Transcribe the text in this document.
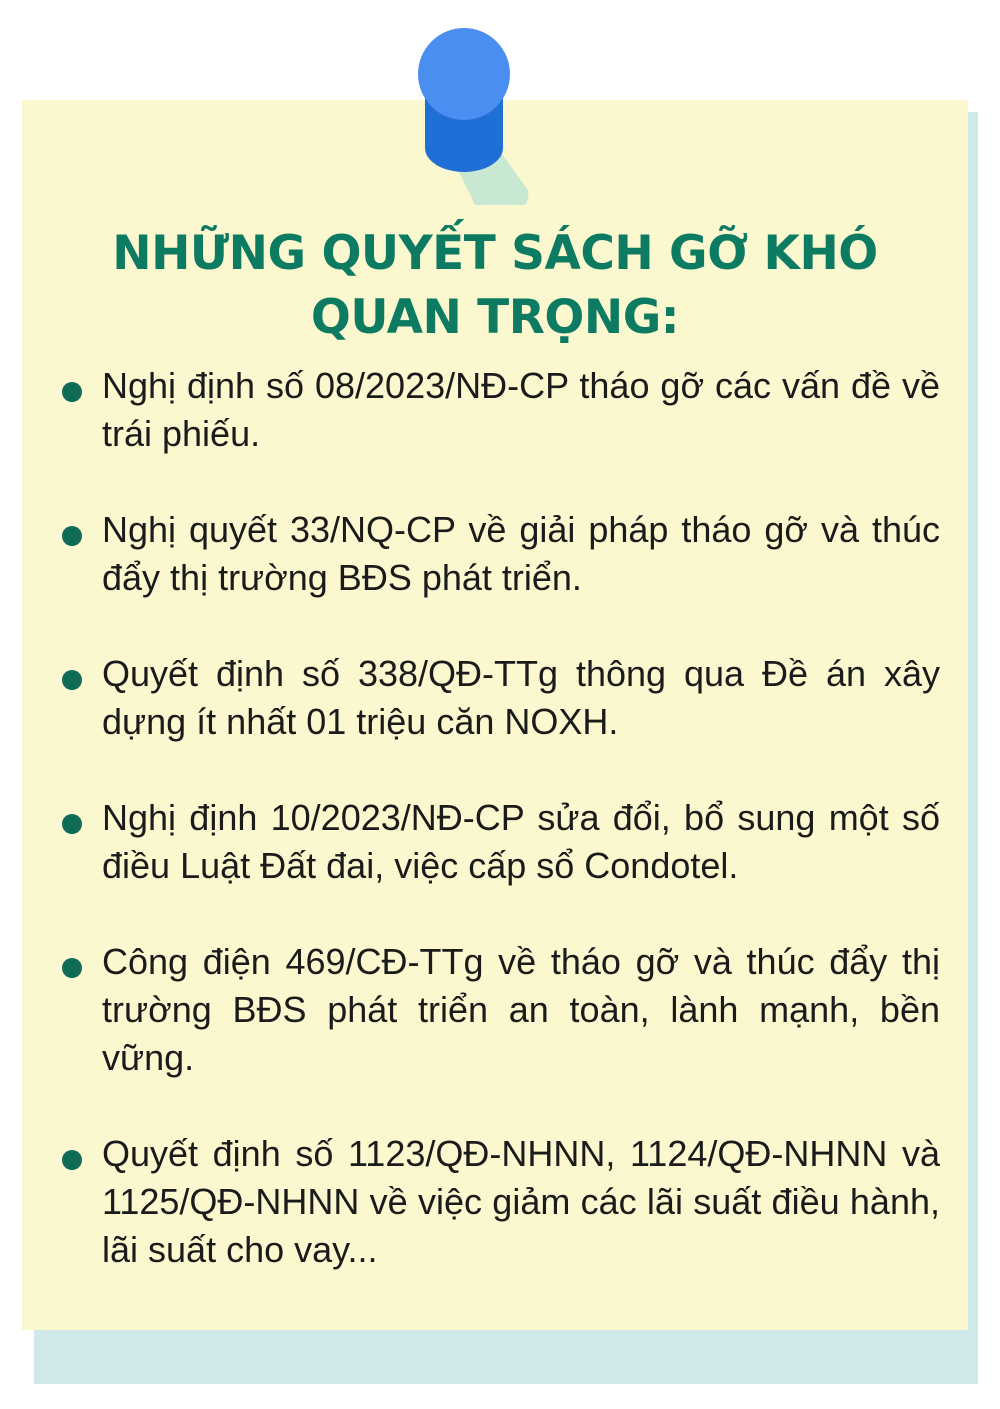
NHỮNG QUYẾT SÁCH GỠ KHÓ
QUAN TRỌNG:
Nghị định số 08/2023/NĐ-CP tháo gỡ các vấn đề về trái phiếu.
Nghị quyết 33/NQ-CP về giải pháp tháo gỡ và thúc đẩy thị trường BĐS phát triển.
Quyết định số 338/QĐ-TTg thông qua Đề án xây dựng ít nhất 01 triệu căn NOXH.
Nghị định 10/2023/NĐ-CP sửa đổi, bổ sung một số điều Luật Đất đai, việc cấp sổ Condotel.
Công điện 469/CĐ-TTg về tháo gỡ và thúc đẩy thị trường BĐS phát triển an toàn, lành mạnh, bền vững.
Quyết định số 1123/QĐ-NHNN, 1124/QĐ-NHNN và 1125/QĐ-NHNN về việc giảm các lãi suất điều hành, lãi suất cho vay...
